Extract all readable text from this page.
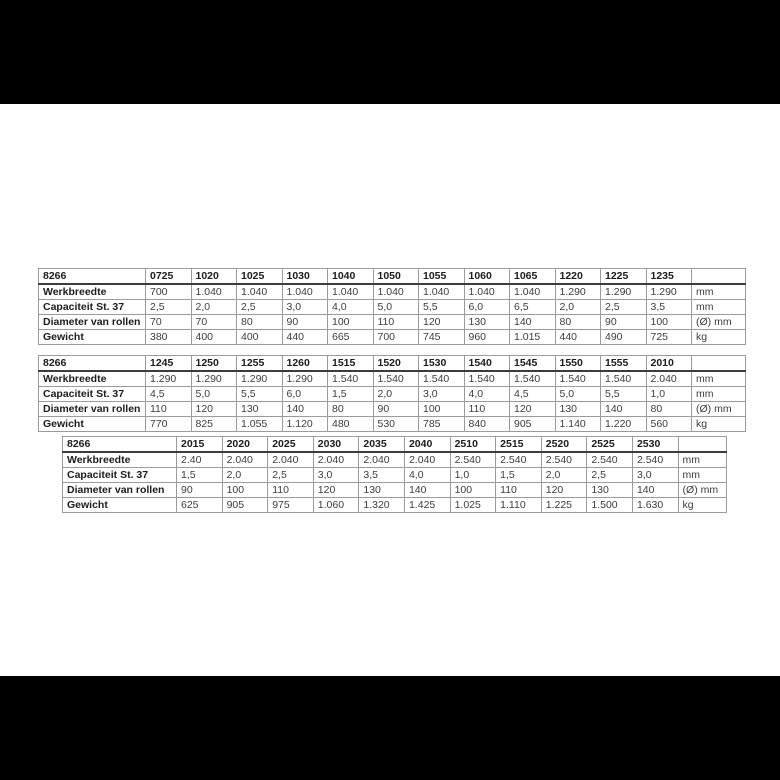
8266	0725	1020	1025	1030	1040	1050	1055	1060	1065	1220	1225	1235	
Werkbreedte	700	1.040	1.040	1.040	1.040	1.040	1.040	1.040	1.040	1.290	1.290	1.290	mm
Capaciteit St. 37	2,5	2,0	2,5	3,0	4,0	5,0	5,5	6,0	6,5	2,0	2,5	3,5	mm
Diameter van rollen	70	70	80	90	100	110	120	130	140	80	90	100	(Ø) mm
Gewicht	380	400	400	440	665	700	745	960	1.015	440	490	725	kg
8266	1245	1250	1255	1260	1515	1520	1530	1540	1545	1550	1555	2010	
Werkbreedte	1.290	1.290	1.290	1.290	1.540	1.540	1.540	1.540	1.540	1.540	1.540	2.040	mm
Capaciteit St. 37	4,5	5,0	5,5	6,0	1,5	2,0	3,0	4,0	4,5	5,0	5,5	1,0	mm
Diameter van rollen	110	120	130	140	80	90	100	110	120	130	140	80	(Ø) mm
Gewicht	770	825	1.055	1.120	480	530	785	840	905	1.140	1.220	560	kg
8266	2015	2020	2025	2030	2035	2040	2510	2515	2520	2525	2530	
Werkbreedte	2.40	2.040	2.040	2.040	2.040	2.040	2.540	2.540	2.540	2.540	2.540	mm
Capaciteit St. 37	1,5	2,0	2,5	3,0	3,5	4,0	1,0	1,5	2,0	2,5	3,0	mm
Diameter van rollen	90	100	110	120	130	140	100	110	120	130	140	(Ø) mm
Gewicht	625	905	975	1.060	1.320	1.425	1.025	1.110	1.225	1.500	1.630	kg
